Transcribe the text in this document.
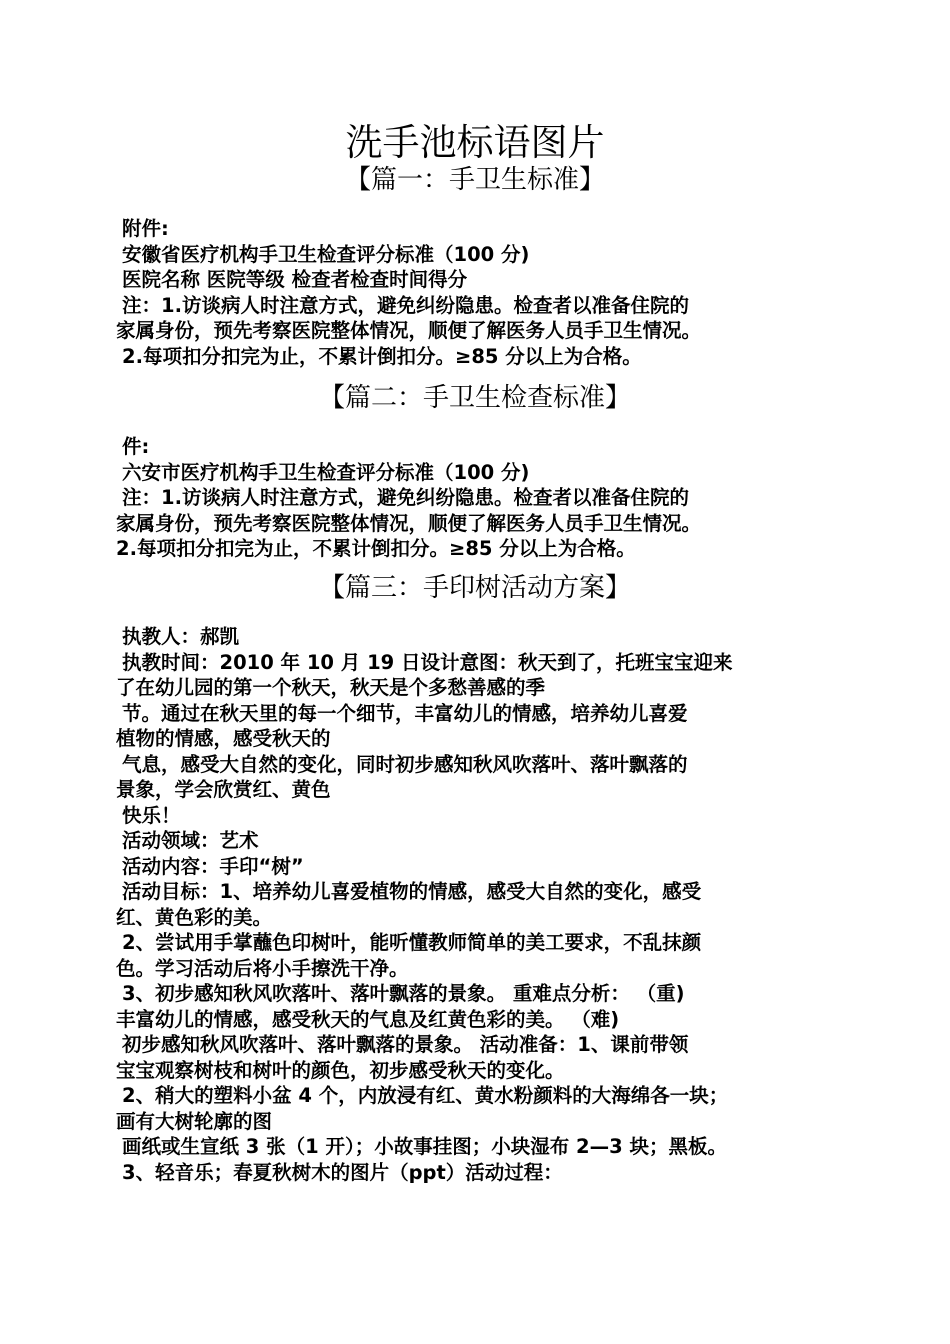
洗手池标语图片
【篇一：手卫生标准】
附件:
安徽省医疗机构手卫生检查评分标准（100 分)
医院名称 医院等级 检查者检查时间得分
注：1.访谈病人时注意方式，避免纠纷隐患。检查者以准备住院的
家属身份，预先考察医院整体情况，顺便了解医务人员手卫生情况。
2.每项扣分扣完为止，不累计倒扣分。≥85 分以上为合格。
【篇二：手卫生检查标准】
件:
六安市医疗机构手卫生检查评分标准（100 分)
注：1.访谈病人时注意方式，避免纠纷隐患。检查者以准备住院的
家属身份，预先考察医院整体情况，顺便了解医务人员手卫生情况。
2.每项扣分扣完为止，不累计倒扣分。≥85 分以上为合格。
【篇三：手印树活动方案】
执教人：郝凯
执教时间：2010 年 10 月 19 日设计意图：秋天到了，托班宝宝迎来
了在幼儿园的第一个秋天，秋天是个多愁善感的季
节。通过在秋天里的每一个细节，丰富幼儿的情感，培养幼儿喜爱
植物的情感，感受秋天的
气息，感受大自然的变化，同时初步感知秋风吹落叶、落叶飘落的
景象，学会欣赏红、黄色
快乐！
活动领域：艺术
活动内容：手印“树”
活动目标：1、培养幼儿喜爱植物的情感，感受大自然的变化，感受
红、黄色彩的美。
2、尝试用手掌蘸色印树叶，能听懂教师简单的美工要求，不乱抹颜
色。学习活动后将小手擦洗干净。
3、初步感知秋风吹落叶、落叶飘落的景象。 重难点分析： （重)
丰富幼儿的情感，感受秋天的气息及红黄色彩的美。 （难)
初步感知秋风吹落叶、落叶飘落的景象。 活动准备：1、课前带领
宝宝观察树枝和树叶的颜色，初步感受秋天的变化。
2、稍大的塑料小盆 4 个，内放浸有红、黄水粉颜料的大海绵各一块；
画有大树轮廓的图
画纸或生宣纸 3 张（1 开）；小故事挂图；小块湿布 2—3 块；黑板。
3、轻音乐；春夏秋树木的图片（ppt）活动过程：
